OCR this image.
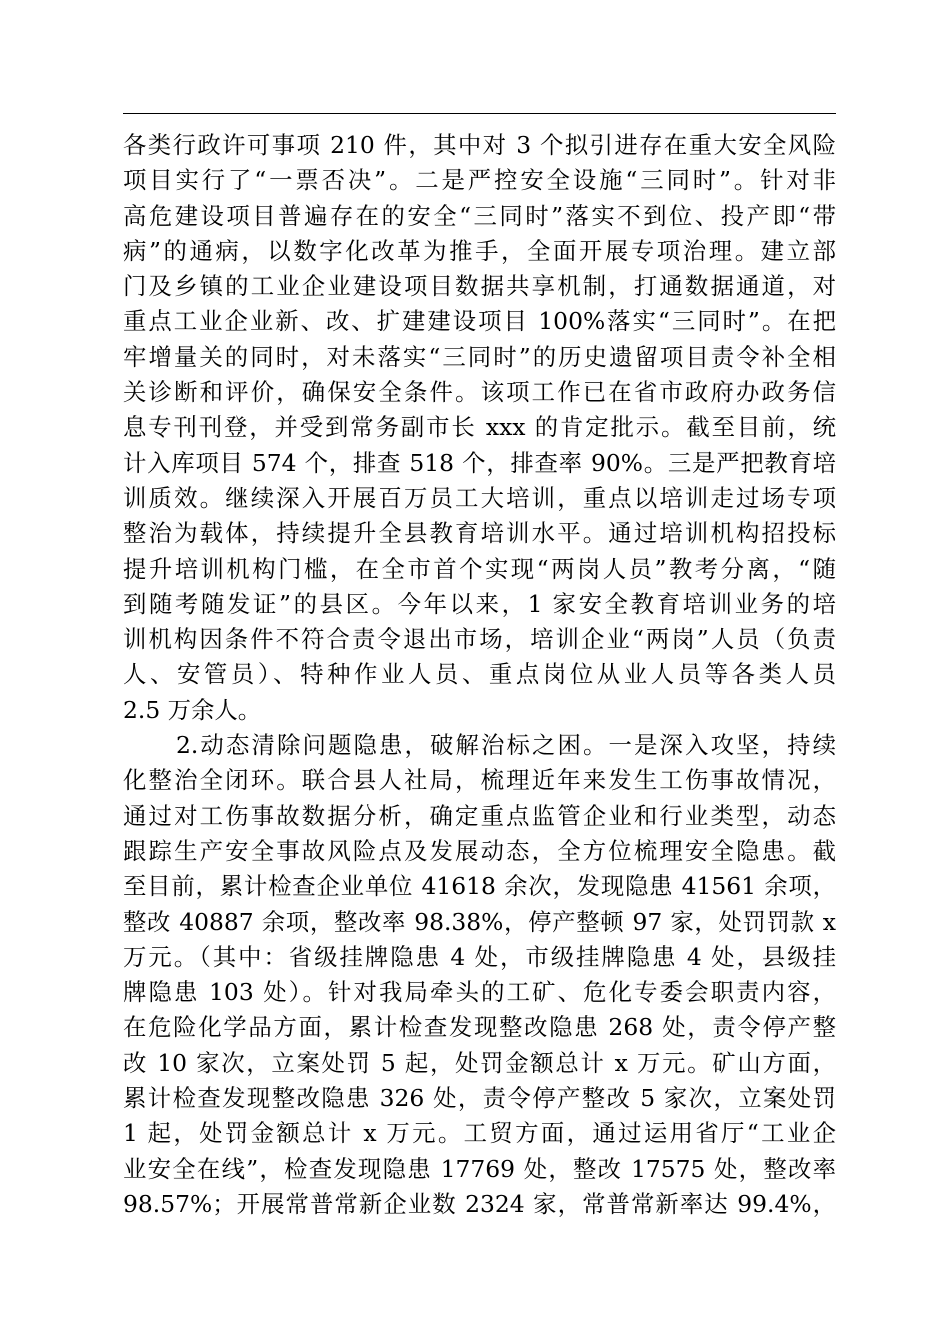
各类行政许可事项 210 件，其中对 3 个拟引进存在重大安全风险
项目实行了“一票否决”。二是严控安全设施“三同时”。针对非
高危建设项目普遍存在的安全“三同时”落实不到位、投产即“带
病”的通病，以数字化改革为推手，全面开展专项治理。建立部
门及乡镇的工业企业建设项目数据共享机制，打通数据通道，对
重点工业企业新、改、扩建建设项目 100%落实“三同时”。在把
牢增量关的同时，对未落实“三同时”的历史遗留项目责令补全相
关诊断和评价，确保安全条件。该项工作已在省市政府办政务信
息专刊刊登，并受到常务副市长 xxx 的肯定批示。截至目前，统
计入库项目 574 个，排查 518 个，排查率 90%。三是严把教育培
训质效。继续深入开展百万员工大培训，重点以培训走过场专项
整治为载体，持续提升全县教育培训水平。通过培训机构招投标
提升培训机构门槛，在全市首个实现“两岗人员”教考分离，“随
到随考随发证”的县区。今年以来，1 家安全教育培训业务的培
训机构因条件不符合责令退出市场，培训企业“两岗”人员（负责
人、安管员）、特种作业人员、重点岗位从业人员等各类人员
2.5 万余人。
2.动态清除问题隐患，破解治标之困。一是深入攻坚，持续
化整治全闭环。联合县人社局，梳理近年来发生工伤事故情况，
通过对工伤事故数据分析，确定重点监管企业和行业类型，动态
跟踪生产安全事故风险点及发展动态，全方位梳理安全隐患。截
至目前，累计检查企业单位 41618 余次，发现隐患 41561 余项，
整改 40887 余项，整改率 98.38%，停产整顿 97 家，处罚罚款 x
万元。（其中：省级挂牌隐患 4 处，市级挂牌隐患 4 处，县级挂
牌隐患 103 处）。针对我局牵头的工矿、危化专委会职责内容，
在危险化学品方面，累计检查发现整改隐患 268 处，责令停产整
改 10 家次，立案处罚 5 起，处罚金额总计 x 万元。矿山方面，
累计检查发现整改隐患 326 处，责令停产整改 5 家次，立案处罚
1 起，处罚金额总计 x 万元。工贸方面，通过运用省厅“工业企
业安全在线”，检查发现隐患 17769 处，整改 17575 处，整改率
98.57%；开展常普常新企业数 2324 家，常普常新率达 99.4%，
